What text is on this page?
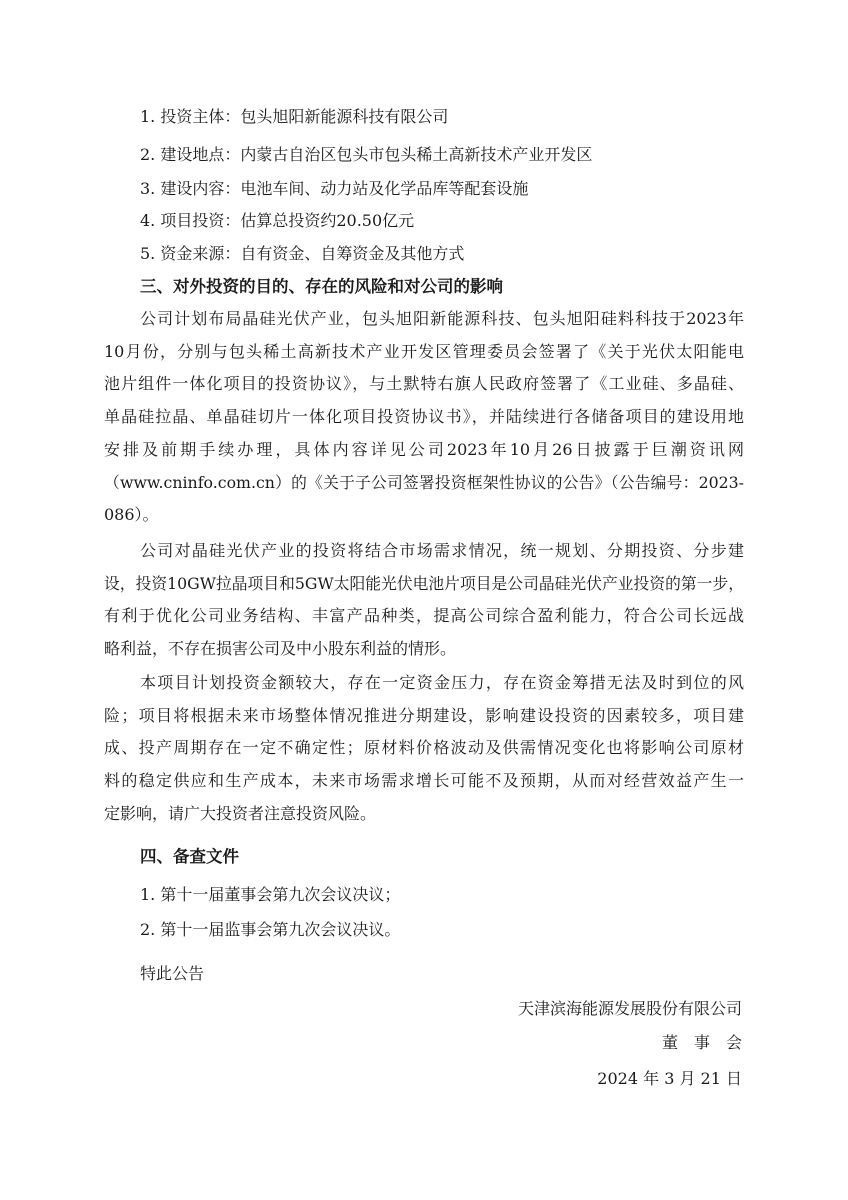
1. 投资主体：包头旭阳新能源科技有限公司
2. 建设地点：内蒙古自治区包头市包头稀土高新技术产业开发区
3. 建设内容：电池车间、动力站及化学品库等配套设施
4. 项目投资：估算总投资约20.50亿元
5. 资金来源：自有资金、自筹资金及其他方式
三、对外投资的目的、存在的风险和对公司的影响

公司计划布局晶硅光伏产业，包头旭阳新能源科技、包头旭阳硅料科技于2023年

10月份，分别与包头稀土高新技术产业开发区管理委员会签署了《关于光伏太阳能电

池片组件一体化项目的投资协议》，与土默特右旗人民政府签署了《工业硅、多晶硅、

单晶硅拉晶、单晶硅切片一体化项目投资协议书》，并陆续进行各储备项目的建设用地

安排及前期手续办理，具体内容详见公司2023年10月26日披露于巨潮资讯网

（www.cninfo.com.cn）的《关于子公司签署投资框架性协议的公告》（公告编号：2023-

086）。

公司对晶硅光伏产业的投资将结合市场需求情况，统一规划、分期投资、分步建

设，投资10GW拉晶项目和5GW太阳能光伏电池片项目是公司晶硅光伏产业投资的第一步，

有利于优化公司业务结构、丰富产品种类，提高公司综合盈利能力，符合公司长远战

略利益，不存在损害公司及中小股东利益的情形。

本项目计划投资金额较大，存在一定资金压力，存在资金筹措无法及时到位的风

险；项目将根据未来市场整体情况推进分期建设，影响建设投资的因素较多，项目建

成、投产周期存在一定不确定性；原材料价格波动及供需情况变化也将影响公司原材

料的稳定供应和生产成本，未来市场需求增长可能不及预期，从而对经营效益产生一

定影响，请广大投资者注意投资风险。

四、备查文件
1. 第十一届董事会第九次会议决议；
2. 第十一届监事会第九次会议决议。
特此公告
天津滨海能源发展股份有限公司
董　事　会
2024 年 3 月 21 日
